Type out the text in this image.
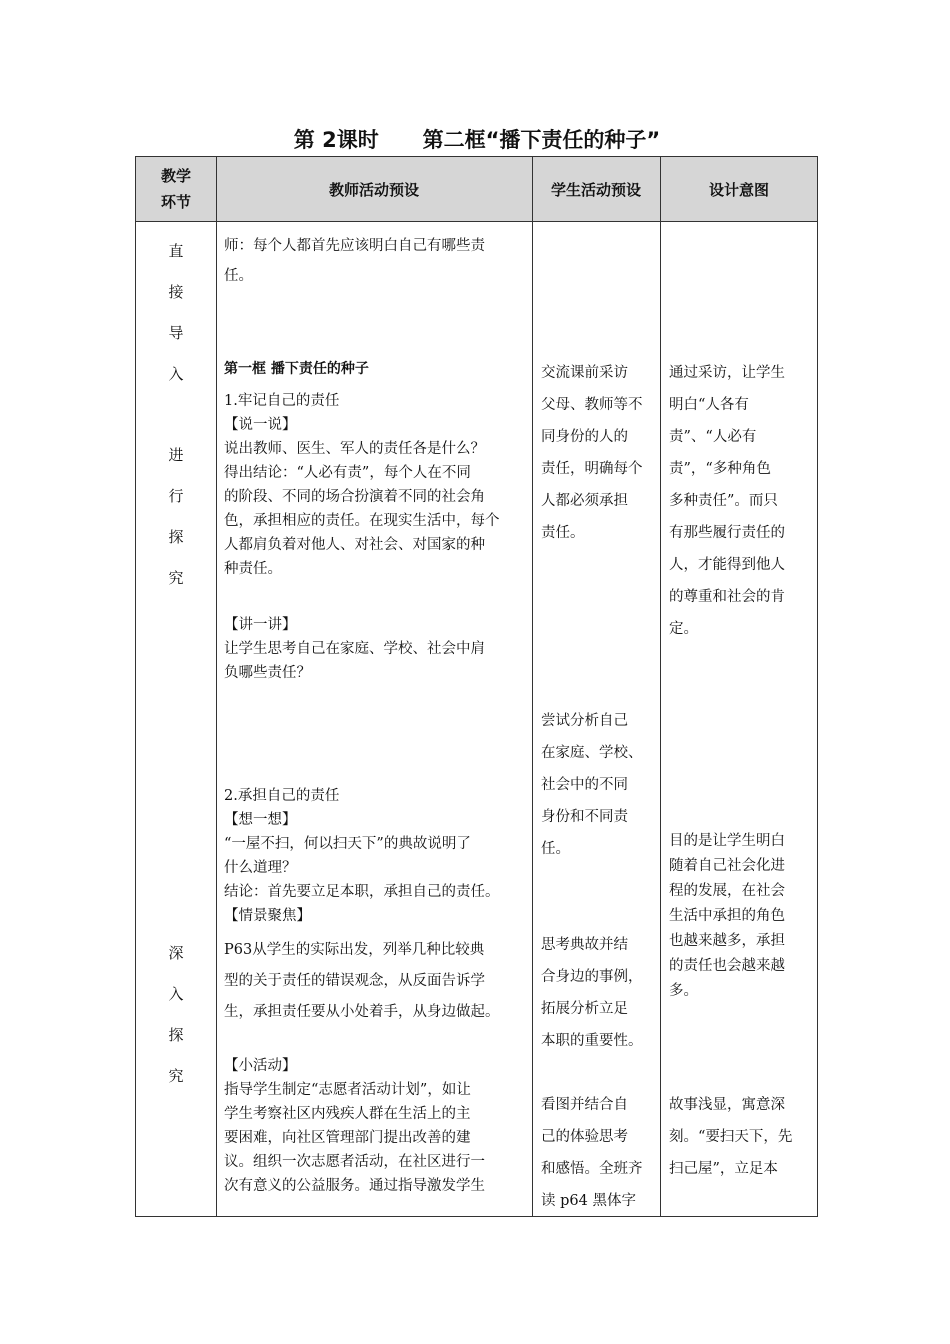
第 2课时      第二框“播下责任的种子”
教学
环节
教师活动预设	学生活动预设	设计意图
直
接
导
入
进
行
探
究
深
入
探
究
师：每个人都首先应该明白自己有哪些责
任。
第一框 播下责任的种子
1.牢记自己的责任
【说一说】
说出教师、医生、军人的责任各是什么？
得出结论：“人必有责”，每个人在不同
的阶段、不同的场合扮演着不同的社会角
色，承担相应的责任。在现实生活中，每个
人都肩负着对他人、对社会、对国家的种
种责任。
【讲一讲】
让学生思考自己在家庭、学校、社会中肩
负哪些责任？
2.承担自己的责任
【想一想】
“一屋不扫，何以扫天下”的典故说明了
什么道理？
结论：首先要立足本职，承担自己的责任。
【情景聚焦】
P63从学生的实际出发，列举几种比较典
型的关于责任的错误观念，从反面告诉学
生，承担责任要从小处着手，从身边做起。
【小活动】
指导学生制定“志愿者活动计划”，如让
学生考察社区内残疾人群在生活上的主
要困难，向社区管理部门提出改善的建
议。组织一次志愿者活动，在社区进行一
次有意义的公益服务。通过指导激发学生
交流课前采访
父母、教师等不
同身份的人的
责任，明确每个
人都必须承担
责任。
尝试分析自己
在家庭、学校、
社会中的不同
身份和不同责
任。
思考典故并结
合身边的事例，
拓展分析立足
本职的重要性。
看图并结合自
己的体验思考
和感悟。全班齐
读 p64 黑体字
通过采访，让学生
明白“人各有
责”、“人必有
责”，“多种角色
多种责任”。而只
有那些履行责任的
人，才能得到他人
的尊重和社会的肯
定。
目的是让学生明白
随着自己社会化进
程的发展，在社会
生活中承担的角色
也越来越多，承担
的责任也会越来越
多。
故事浅显，寓意深
刻。“要扫天下，先
扫己屋”，立足本
